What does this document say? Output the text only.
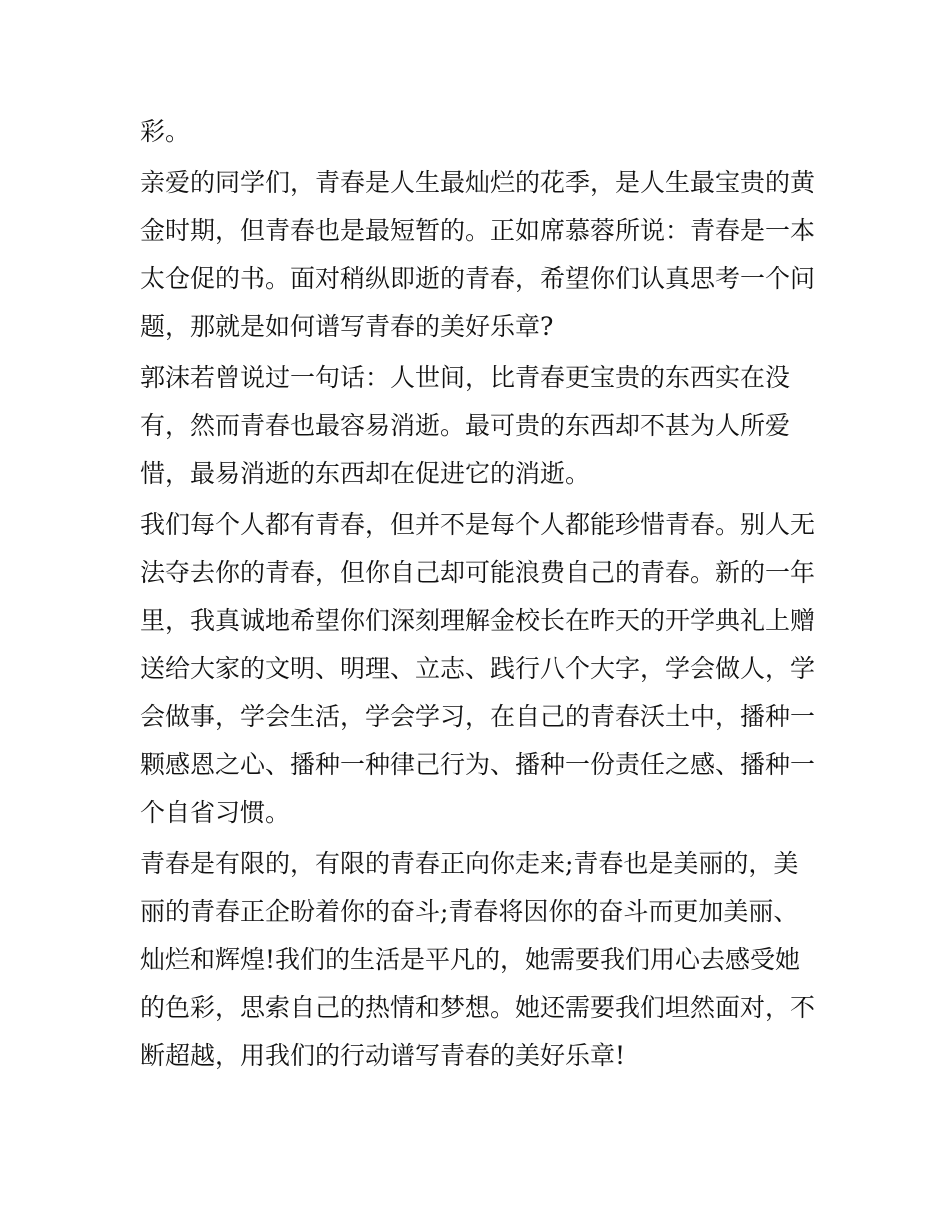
彩。
亲爱的同学们，青春是人生最灿烂的花季，是人生最宝贵的黄
金时期，但青春也是最短暂的。正如席慕蓉所说：青春是一本
太仓促的书。面对稍纵即逝的青春，希望你们认真思考一个问
题，那就是如何谱写青春的美好乐章?
郭沫若曾说过一句话：人世间，比青春更宝贵的东西实在没
有，然而青春也最容易消逝。最可贵的东西却不甚为人所爱
惜，最易消逝的东西却在促进它的消逝。
我们每个人都有青春，但并不是每个人都能珍惜青春。别人无
法夺去你的青春，但你自己却可能浪费自己的青春。新的一年
里，我真诚地希望你们深刻理解金校长在昨天的开学典礼上赠
送给大家的文明、明理、立志、践行八个大字，学会做人，学
会做事，学会生活，学会学习，在自己的青春沃土中，播种一
颗感恩之心、播种一种律己行为、播种一份责任之感、播种一
个自省习惯。
青春是有限的，有限的青春正向你走来;青春也是美丽的，美
丽的青春正企盼着你的奋斗;青春将因你的奋斗而更加美丽、
灿烂和辉煌!我们的生活是平凡的，她需要我们用心去感受她
的色彩，思索自己的热情和梦想。她还需要我们坦然面对，不
断超越，用我们的行动谱写青春的美好乐章!
